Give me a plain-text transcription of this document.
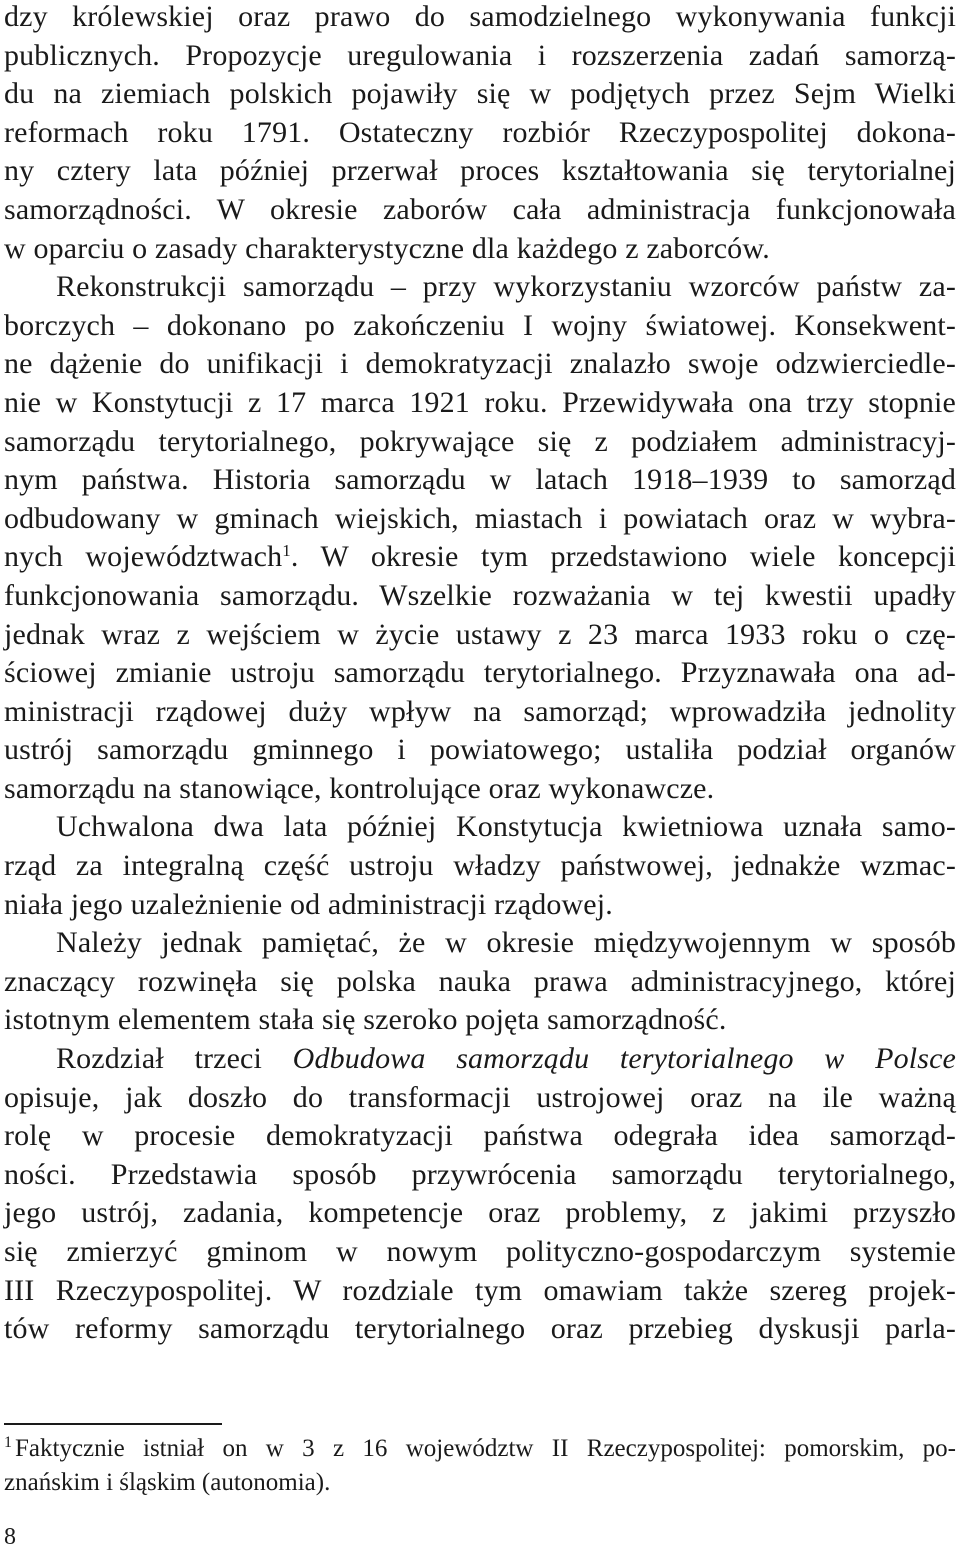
dzy królewskiej oraz prawo do samodzielnego wykonywania funkcji
publicznych. Propozycje uregulowania i rozszerzenia zadań samorzą-
du na ziemiach polskich pojawiły się w podjętych przez Sejm Wielki
reformach roku 1791. Ostateczny rozbiór Rzeczypospolitej dokona-
ny cztery lata później przerwał proces kształtowania się terytorialnej
samorządności. W okresie zaborów cała administracja funkcjonowała
w oparciu o zasady charakterystyczne dla każdego z zaborców.
Rekonstrukcji samorządu – przy wykorzystaniu wzorców państw za-
borczych – dokonano po zakończeniu I wojny światowej. Konsekwent-
ne dążenie do unifikacji i demokratyzacji znalazło swoje odzwierciedle-
nie w Konstytucji z 17 marca 1921 roku. Przewidywała ona trzy stopnie
samorządu terytorialnego, pokrywające się z podziałem administracyj-
nym państwa. Historia samorządu w latach 1918–1939 to samorząd
odbudowany w gminach wiejskich, miastach i powiatach oraz w wybra-
nych województwach$^1$. W okresie tym przedstawiono wiele koncepcji
funkcjonowania samorządu. Wszelkie rozważania w tej kwestii upadły
jednak wraz z wejściem w życie ustawy z 23 marca 1933 roku o czę-
ściowej zmianie ustroju samorządu terytorialnego. Przyznawała ona ad-
ministracji rządowej duży wpływ na samorząd; wprowadziła jednolity
ustrój samorządu gminnego i powiatowego; ustaliła podział organów
samorządu na stanowiące, kontrolujące oraz wykonawcze.
Uchwalona dwa lata później Konstytucja kwietniowa uznała samo-
rząd za integralną część ustroju władzy państwowej, jednakże wzmac-
niała jego uzależnienie od administracji rządowej.
Należy jednak pamiętać, że w okresie międzywojennym w sposób
znaczący rozwinęła się polska nauka prawa administracyjnego, której
istotnym elementem stała się szeroko pojęta samorządność.
Rozdział trzeci Odbudowa samorządu terytorialnego w Polsce
opisuje, jak doszło do transformacji ustrojowej oraz na ile ważną
rolę w procesie demokratyzacji państwa odegrała idea samorząd-
ności. Przedstawia sposób przywrócenia samorządu terytorialnego,
jego ustrój, zadania, kompetencje oraz problemy, z jakimi przyszło
się zmierzyć gminom w nowym polityczno-gospodarczym systemie
III Rzeczypospolitej. W rozdziale tym omawiam także szereg projek-
tów reformy samorządu terytorialnego oraz przebieg dyskusji parla-
$^1$ Faktycznie istniał on w 3 z 16 województw II Rzeczypospolitej: pomorskim, po-
znańskim i śląskim (autonomia).
8
